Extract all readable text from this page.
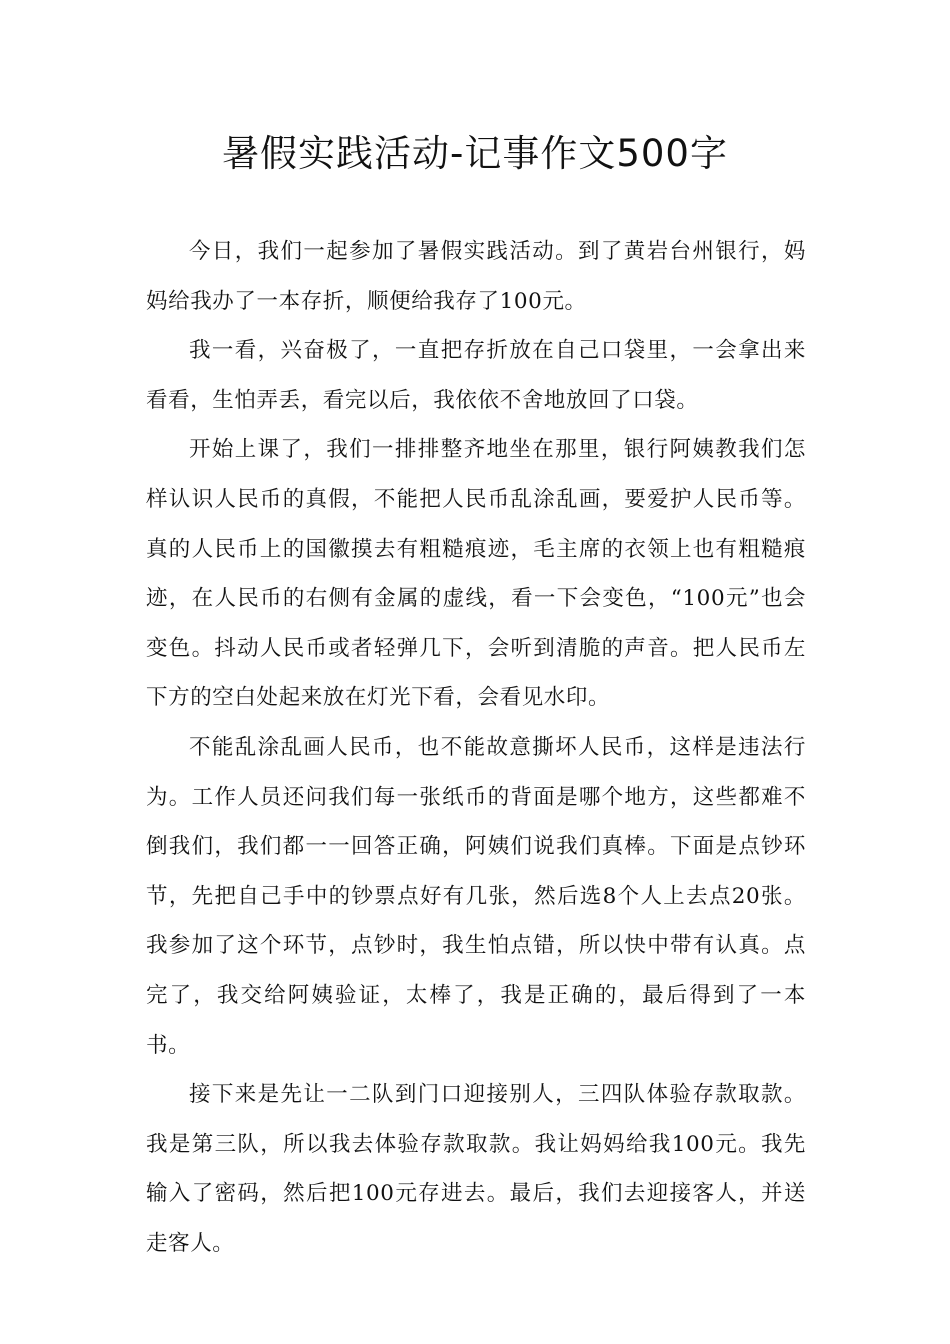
暑假实践活动-记事作文500字

今日，我们一起参加了暑假实践活动。到了黄岩台州银行，妈妈给我办了一本存折，顺便给我存了100元。

我一看，兴奋极了，一直把存折放在自己口袋里，一会拿出来看看，生怕弄丢，看完以后，我依依不舍地放回了口袋。

开始上课了，我们一排排整齐地坐在那里，银行阿姨教我们怎样认识人民币的真假，不能把人民币乱涂乱画，要爱护人民币等。真的人民币上的国徽摸去有粗糙痕迹，毛主席的衣领上也有粗糙痕迹，在人民币的右侧有金属的虚线，看一下会变色，“100元”也会变色。抖动人民币或者轻弹几下，会听到清脆的声音。把人民币左下方的空白处起来放在灯光下看，会看见水印。

不能乱涂乱画人民币，也不能故意撕坏人民币，这样是违法行为。工作人员还问我们每一张纸币的背面是哪个地方，这些都难不倒我们，我们都一一回答正确，阿姨们说我们真棒。下面是点钞环节，先把自己手中的钞票点好有几张，然后选8个人上去点20张。我参加了这个环节，点钞时，我生怕点错，所以快中带有认真。点完了，我交给阿姨验证，太棒了，我是正确的，最后得到了一本书。

接下来是先让一二队到门口迎接别人，三四队体验存款取款。我是第三队，所以我去体验存款取款。我让妈妈给我100元。我先输入了密码，然后把100元存进去。最后，我们去迎接客人，并送走客人。
